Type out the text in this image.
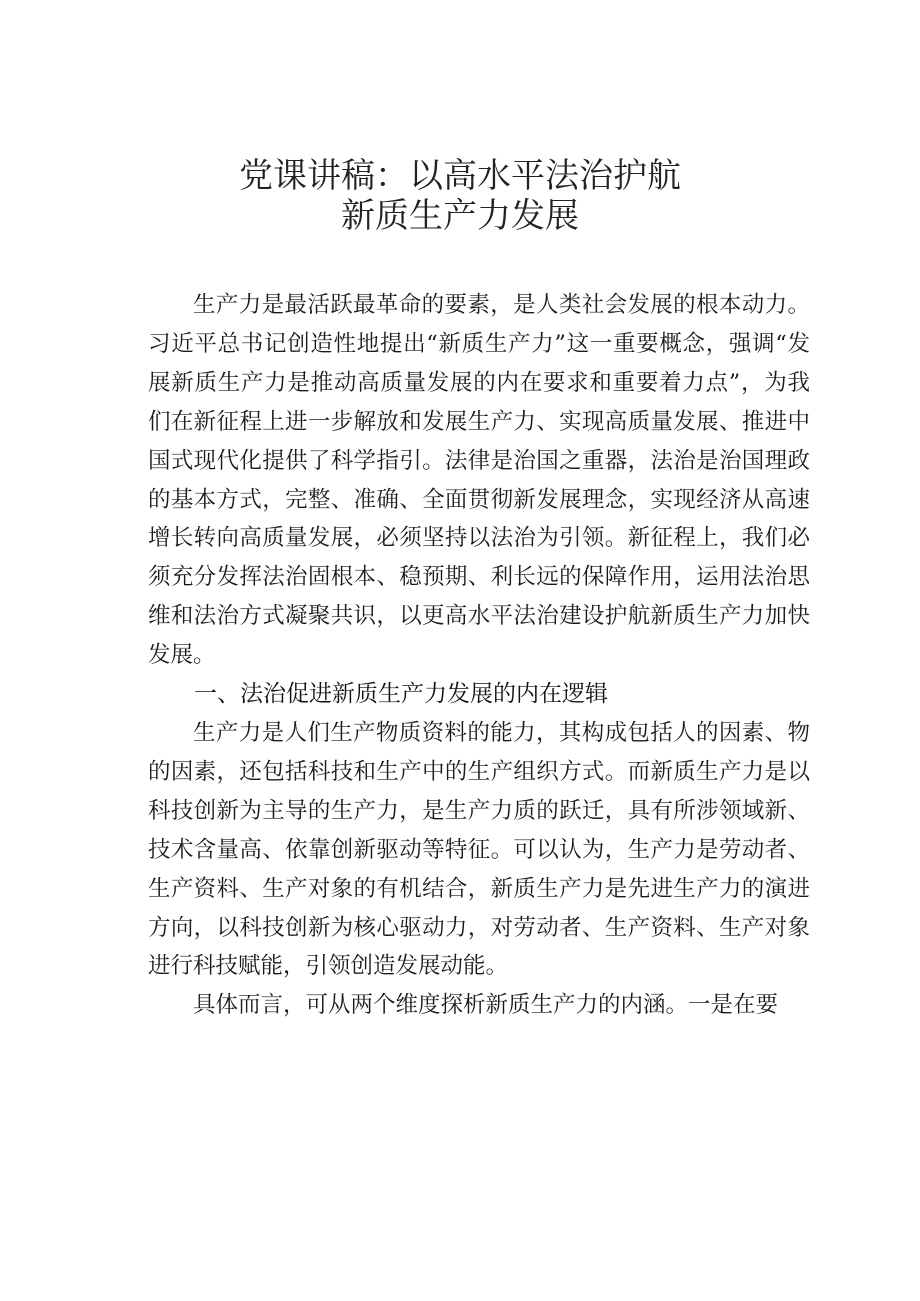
党课讲稿：以高水平法治护航
新质生产力发展

生产力是最活跃最革命的要素，是人类社会发展的根本动力。习近平总书记创造性地提出“新质生产力”这一重要概念，强调“发展新质生产力是推动高质量发展的内在要求和重要着力点”，为我们在新征程上进一步解放和发展生产力、实现高质量发展、推进中国式现代化提供了科学指引。法律是治国之重器，法治是治国理政的基本方式，完整、准确、全面贯彻新发展理念，实现经济从高速增长转向高质量发展，必须坚持以法治为引领。新征程上，我们必须充分发挥法治固根本、稳预期、利长远的保障作用，运用法治思维和法治方式凝聚共识，以更高水平法治建设护航新质生产力加快发展。

一、法治促进新质生产力发展的内在逻辑

生产力是人们生产物质资料的能力，其构成包括人的因素、物的因素，还包括科技和生产中的生产组织方式。而新质生产力是以科技创新为主导的生产力，是生产力质的跃迁，具有所涉领域新、技术含量高、依靠创新驱动等特征。可以认为，生产力是劳动者、生产资料、生产对象的有机结合，新质生产力是先进生产力的演进方向，以科技创新为核心驱动力，对劳动者、生产资料、生产对象进行科技赋能，引领创造发展动能。

具体而言，可从两个维度探析新质生产力的内涵。一是在要
